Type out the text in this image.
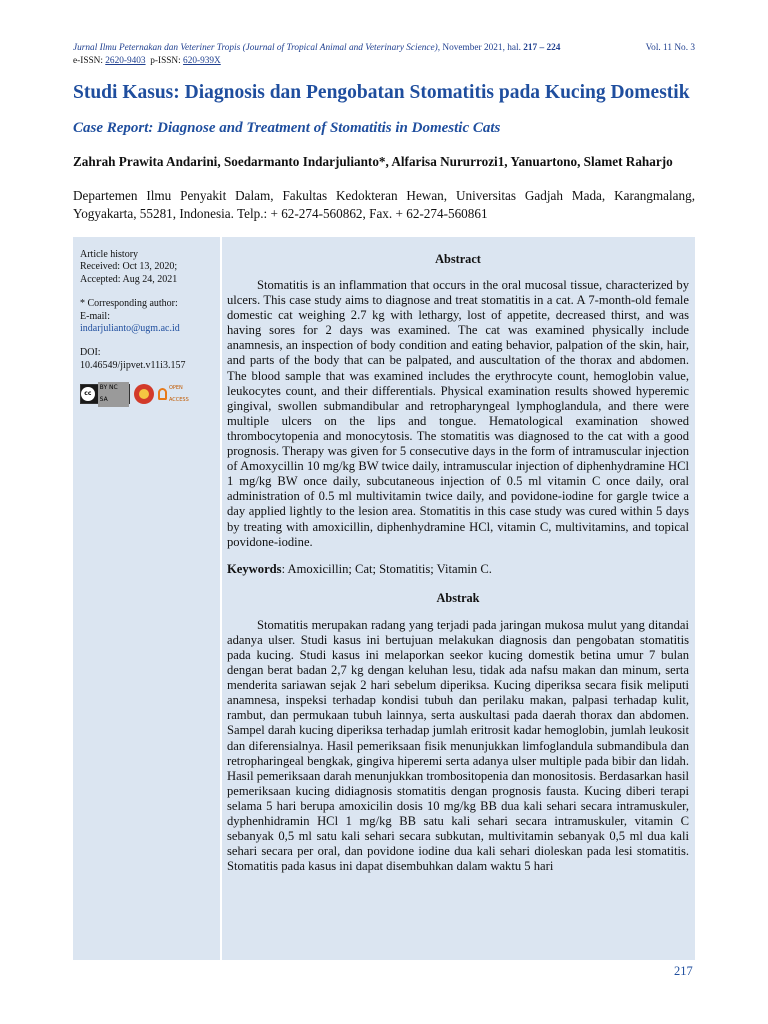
Jurnal Ilmu Peternakan dan Veteriner Tropis (Journal of Tropical Animal and Veterinary Science), November 2021, hal. 217 – 224	Vol. 11 No. 3
e-ISSN: 2620-9403 p-ISSN: 620-939X
Studi Kasus: Diagnosis dan Pengobatan Stomatitis pada Kucing Domestik
Case Report: Diagnose and Treatment of Stomatitis in Domestic Cats

Zahrah Prawita Andarini, Soedarmanto Indarjulianto*, Alfarisa Nururrozi1, Yanuartono, Slamet Raharjo

Departemen Ilmu Penyakit Dalam, Fakultas Kedokteran Hewan, Universitas Gadjah Mada, Karangmalang, Yogyakarta, 55281, Indonesia. Telp.: + 62-274-560862, Fax. + 62-274-560861

Article history
Received: Oct 13, 2020;
Accepted: Aug 24, 2021
* Corresponding author:
E-mail:
indarjulianto@ugm.ac.id
DOI:
10.46549/jipvet.v11i3.157
cc
BY NC SA
OPEN ACCESS
Abstract

Stomatitis is an inflammation that occurs in the oral mucosal tissue, characterized by ulcers. This case study aims to diagnose and treat stomatitis in a cat. A 7-month-old female domestic cat weighing 2.7 kg with lethargy, lost of appetite, decreased thirst, and was having sores for 2 days was examined. The cat was examined physically include anamnesis, an inspection of body condition and eating behavior, palpation of the skin, hair, and parts of the body that can be palpated, and auscultation of the thorax and abdomen. The blood sample that was examined includes the erythrocyte count, hemoglobin value, leukocytes count, and their differentials. Physical examination results showed hyperemic gingival, swollen submandibular and retropharyngeal lymphoglandula, and there were multiple ulcers on the lips and tongue. Hematological examination showed thrombocytopenia and monocytosis. The stomatitis was diagnosed to the cat with a good prognosis. Therapy was given for 5 consecutive days in the form of intramuscular injection of Amoxycillin 10 mg/kg BW twice daily, intramuscular injection of diphenhydramine HCl 1 mg/kg BW once daily, subcutaneous injection of 0.5 ml vitamin C once daily, oral administration of 0.5 ml multivitamin twice daily, and povidone-iodine for gargle twice a day applied lightly to the lesion area. Stomatitis in this case study was cured within 5 days by treating with amoxicillin, diphenhydramine HCl, vitamin C, multivitamins, and topical povidone-iodine.

Keywords: Amoxicillin; Cat; Stomatitis; Vitamin C.

Abstrak

Stomatitis merupakan radang yang terjadi pada jaringan mukosa mulut yang ditandai adanya ulser. Studi kasus ini bertujuan melakukan diagnosis dan pengobatan stomatitis pada kucing. Studi kasus ini melaporkan seekor kucing domestik betina umur 7 bulan dengan berat badan 2,7 kg dengan keluhan lesu, tidak ada nafsu makan dan minum, serta menderita sariawan sejak 2 hari sebelum diperiksa. Kucing diperiksa secara fisik meliputi anamnesa, inspeksi terhadap kondisi tubuh dan perilaku makan, palpasi terhadap kulit, rambut, dan permukaan tubuh lainnya, serta auskultasi pada daerah thorax dan abdomen. Sampel darah kucing diperiksa terhadap jumlah eritrosit kadar hemoglobin, jumlah leukosit dan diferensialnya. Hasil pemeriksaan fisik menunjukkan limfoglandula submandibula dan retropharingeal bengkak, gingiva hiperemi serta adanya ulser multiple pada bibir dan lidah. Hasil pemeriksaan darah menunjukkan trombositopenia dan monositosis. Berdasarkan hasil pemeriksaan kucing didiagnosis stomatitis dengan prognosis fausta. Kucing diberi terapi selama 5 hari berupa amoxicilin dosis 10 mg/kg BB dua kali sehari secara intramuskuler, dyphenhidramin HCl 1 mg/kg BB satu kali sehari secara intramuskuler, vitamin C sebanyak 0,5 ml satu kali sehari secara subkutan, multivitamin sebanyak 0,5 ml dua kali sehari secara per oral, dan povidone iodine dua kali sehari dioleskan pada lesi stomatitis. Stomatitis pada kasus ini dapat disembuhkan dalam waktu 5 hari

217
